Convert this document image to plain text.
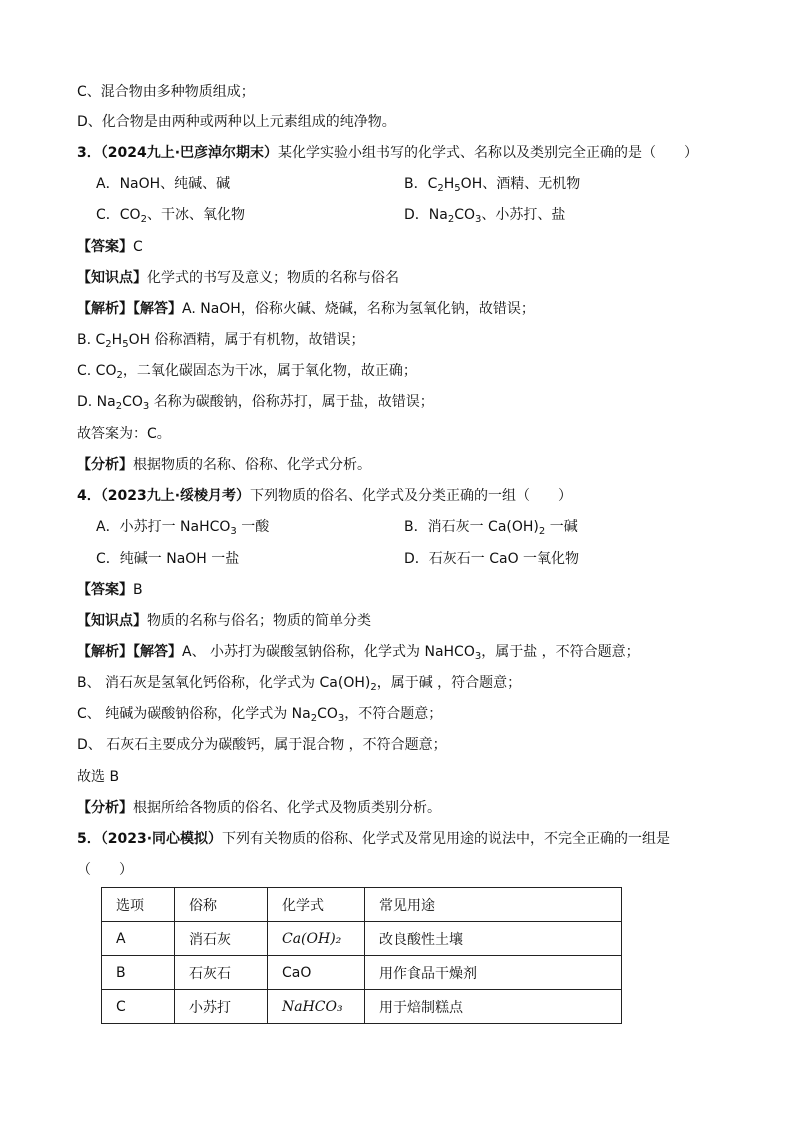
C、混合物由多种物质组成；
D、化合物是由两种或两种以上元素组成的纯净物。
3．（2024九上·巴彦淖尔期末）某化学实验小组书写的化学式、名称以及类别完全正确的是（　　）
A．NaOH、纯碱、碱	B．$C_2H_5OH$、酒精、无机物
C．$CO_2$、干冰、氧化物	D．$Na_2CO_3$、小苏打、盐
【答案】C
【知识点】化学式的书写及意义；物质的名称与俗名
【解析】【解答】A. NaOH，俗称火碱、烧碱，名称为氢氧化钠，故错误；
B. $C_2H_5OH$ 俗称酒精，属于有机物，故错误；
C. $CO_2$，二氧化碳固态为干冰，属于氧化物，故正确；
D. $Na_2CO_3$ 名称为碳酸钠，俗称苏打，属于盐，故错误；
故答案为：C。
【分析】根据物质的名称、俗称、化学式分析。
4．（2023九上·绥棱月考）下列物质的俗名、化学式及分类正确的一组（　　）
A．小苏打一 NaHCO$_3$ 一酸	B．消石灰一 $Ca(OH)_2$ 一碱
C．纯碱一 NaOH 一盐	D．石灰石一 CaO 一氧化物
【答案】B
【知识点】物质的名称与俗名；物质的简单分类
【解析】【解答】A、 小苏打为碳酸氢钠俗称，化学式为 NaHCO$_3$，属于盐 ，不符合题意；
B、 消石灰是氢氧化钙俗称，化学式为 $Ca(OH)_2$，属于碱 ，符合题意；
C、 纯碱为碳酸钠俗称，化学式为 $Na_2CO_3$，不符合题意；
D、 石灰石主要成分为碳酸钙，属于混合物 ，不符合题意；
故选 B
【分析】根据所给各物质的俗名、化学式及物质类别分析。
5．（2023·同心模拟）下列有关物质的俗称、化学式及常见用途的说法中，不完全正确的一组是
（　　）
选项	俗称	化学式	常见用途
A	消石灰	Ca(OH)₂	改良酸性土壤
B	石灰石	CaO	用作食品干燥剂
C	小苏打	NaHCO₃	用于焙制糕点
